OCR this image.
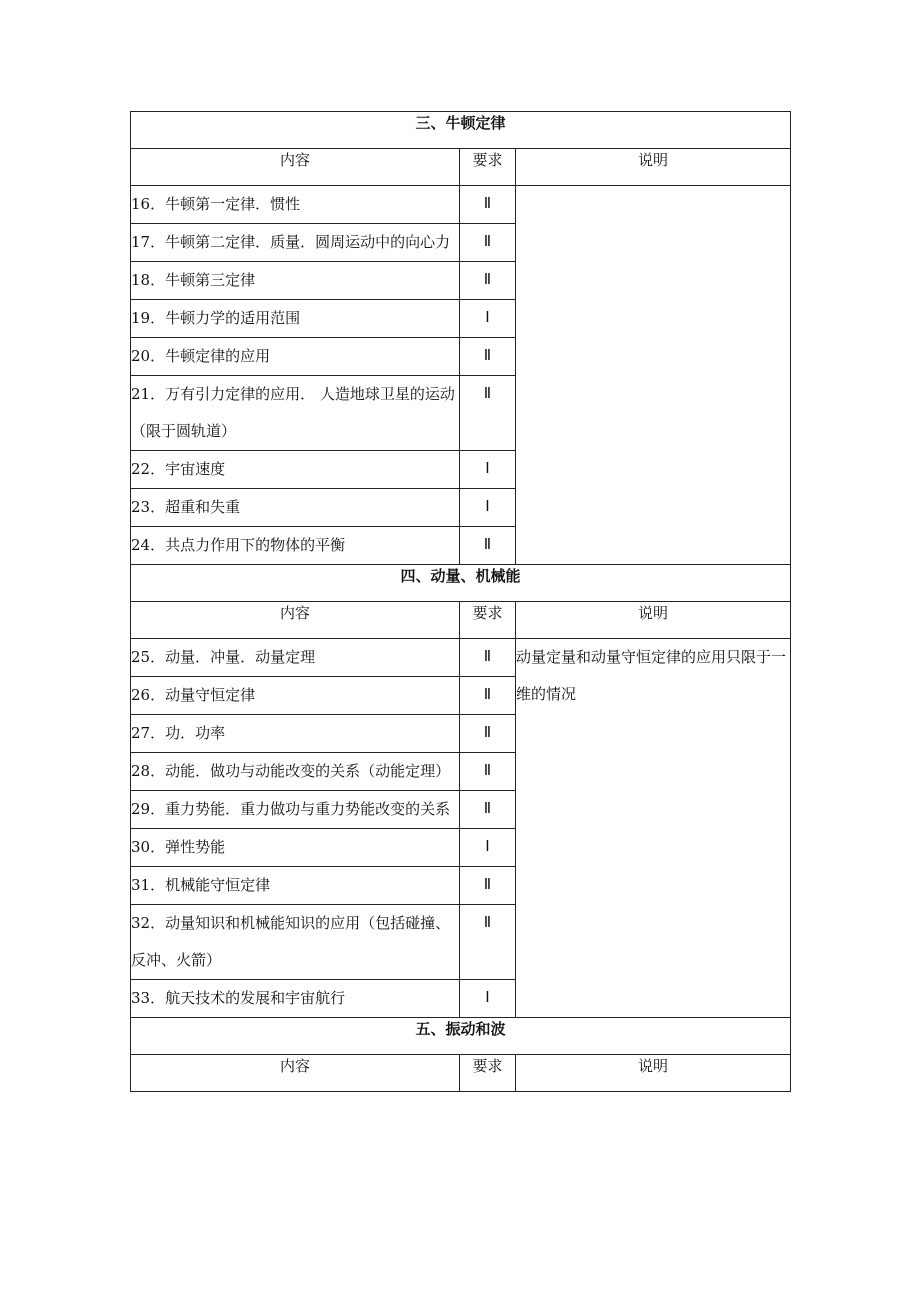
三、牛顿定律		
内容	要求	说明
16．牛顿第一定律．惯性	Ⅱ	
17．牛顿第二定律．质量．圆周运动中的向心力	Ⅱ	
18．牛顿第三定律	Ⅱ	
19．牛顿力学的适用范围	Ⅰ	
20．牛顿定律的应用	Ⅱ	
21．万有引力定律的应用． 人造地球卫星的运动（限于圆轨道）	Ⅱ	
22．宇宙速度	Ⅰ	
23．超重和失重	Ⅰ	
24．共点力作用下的物体的平衡	Ⅱ	
四、动量、机械能		
内容	要求	说明
25．动量．冲量．动量定理	Ⅱ	动量定量和动量守恒定律的应用只限于一维的情况
26．动量守恒定律	Ⅱ	
27．功．功率	Ⅱ	
28．动能．做功与动能改变的关系（动能定理）	Ⅱ	
29．重力势能．重力做功与重力势能改变的关系	Ⅱ	
30．弹性势能	Ⅰ	
31．机械能守恒定律	Ⅱ	
32．动量知识和机械能知识的应用（包括碰撞、反冲、火箭）	Ⅱ	
33．航天技术的发展和宇宙航行	Ⅰ	
五、振动和波		
内容	要求	说明
